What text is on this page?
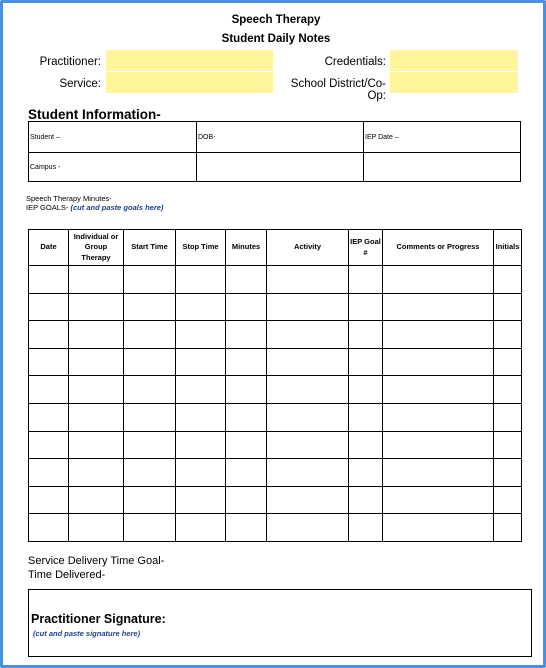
Speech Therapy
Student Daily Notes
Practitioner:
Service:
Credentials:
School District/Co-Op:
Student Information-
Student –	DOB-	IEP Date –
Campus -
Speech Therapy Minutes-
IEP GOALS- (cut and paste goals here)
Date	Individual or Group Therapy	Start Time	Stop Time	Minutes	Activity	IEP Goal #	Comments or Progress	Initials

Service Delivery Time Goal-
Time Delivered-
Practitioner Signature:
(cut and paste signature here)
